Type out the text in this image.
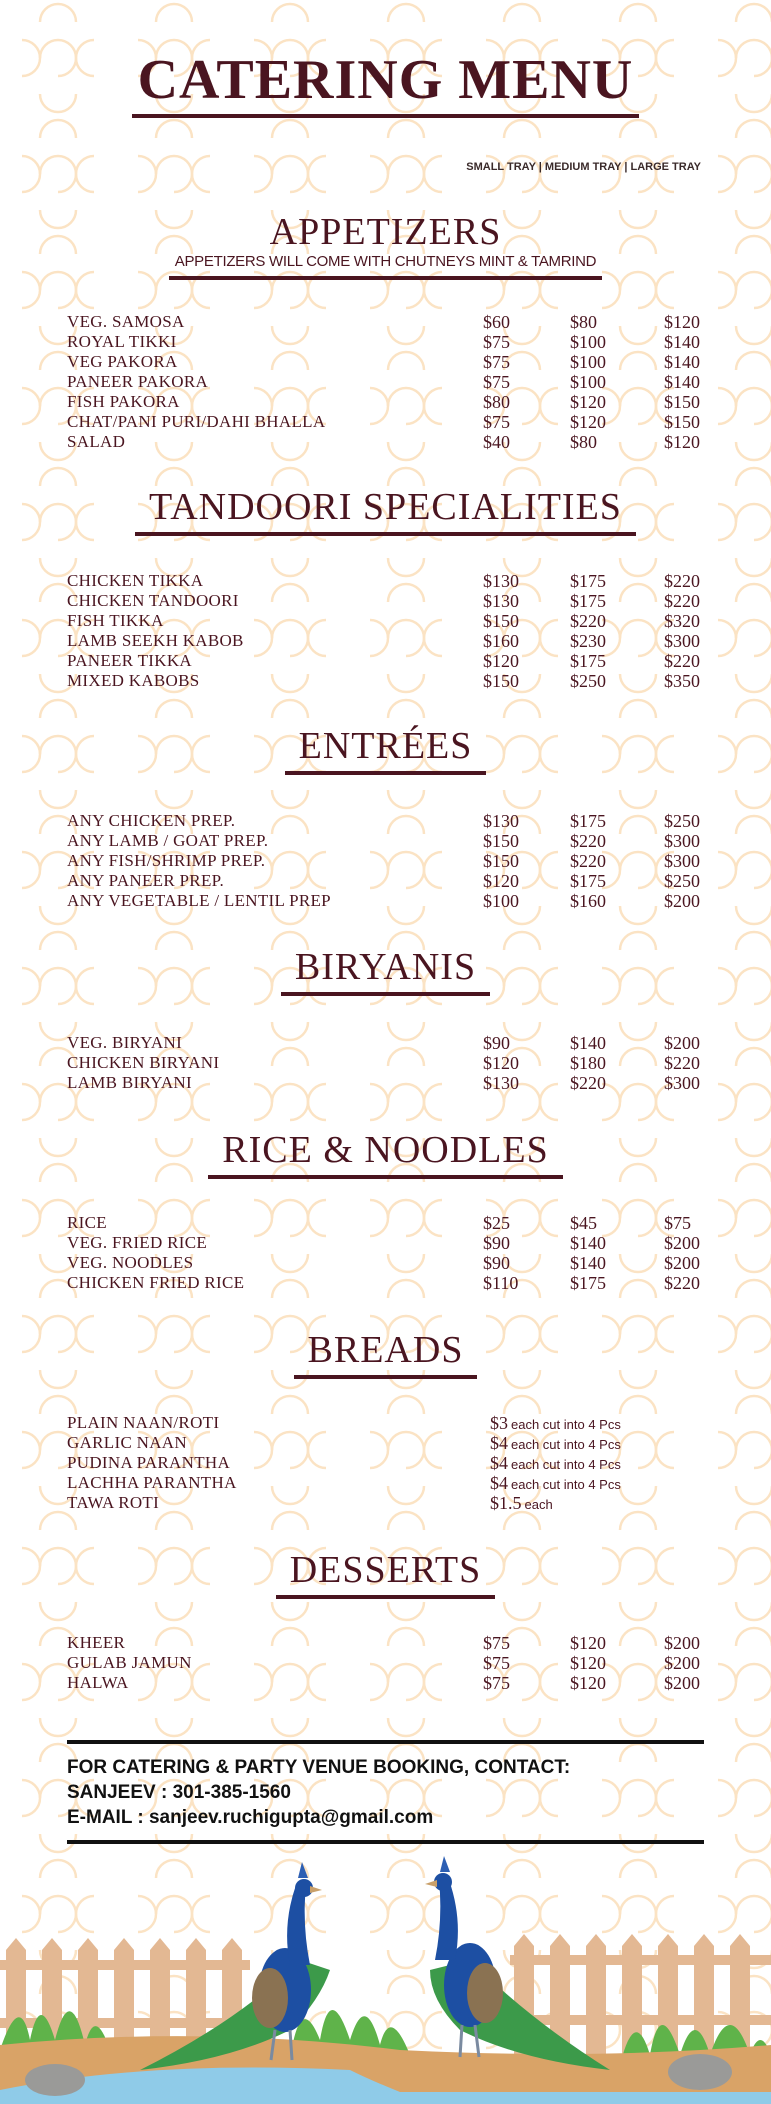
CATERING MENU
SMALL TRAY | MEDIUM TRAY | LARGE TRAY
APPETIZERS
APPETIZERS WILL COME WITH CHUTNEYS MINT & TAMRIND
VEG. SAMOSA	$60	$80	$120
ROYAL TIKKI	$75	$100	$140
VEG PAKORA	$75	$100	$140
PANEER PAKORA	$75	$100	$140
FISH PAKORA	$80	$120	$150
CHAT/PANI PURI/DAHI BHALLA	$75	$120	$150
SALAD	$40	$80	$120
TANDOORI SPECIALITIES
CHICKEN TIKKA	$130	$175	$220
CHICKEN TANDOORI	$130	$175	$220
FISH TIKKA	$150	$220	$320
LAMB SEEKH KABOB	$160	$230	$300
PANEER TIKKA	$120	$175	$220
MIXED KABOBS	$150	$250	$350
ENTRÉES
ANY CHICKEN PREP.	$130	$175	$250
ANY LAMB / GOAT PREP.	$150	$220	$300
ANY FISH/SHRIMP PREP.	$150	$220	$300
ANY PANEER PREP.	$120	$175	$250
ANY VEGETABLE / LENTIL PREP	$100	$160	$200
BIRYANIS
VEG. BIRYANI	$90	$140	$200
CHICKEN BIRYANI	$120	$180	$220
LAMB BIRYANI	$130	$220	$300
RICE & NOODLES
RICE	$25	$45	$75
VEG. FRIED RICE	$90	$140	$200
VEG. NOODLES	$90	$140	$200
CHICKEN FRIED RICE	$110	$175	$220
BREADS
PLAIN NAAN/ROTI	$3 each cut into 4 Pcs
GARLIC NAAN	$4 each cut into 4 Pcs
PUDINA PARANTHA	$4 each cut into 4 Pcs
LACHHA PARANTHA	$4 each cut into 4 Pcs
TAWA ROTI	$1.5 each
DESSERTS
KHEER	$75	$120	$200
GULAB JAMUN	$75	$120	$200
HALWA	$75	$120	$200
FOR CATERING & PARTY VENUE BOOKING, CONTACT:
SANJEEV : 301-385-1560
E-MAIL : sanjeev.ruchigupta@gmail.com
